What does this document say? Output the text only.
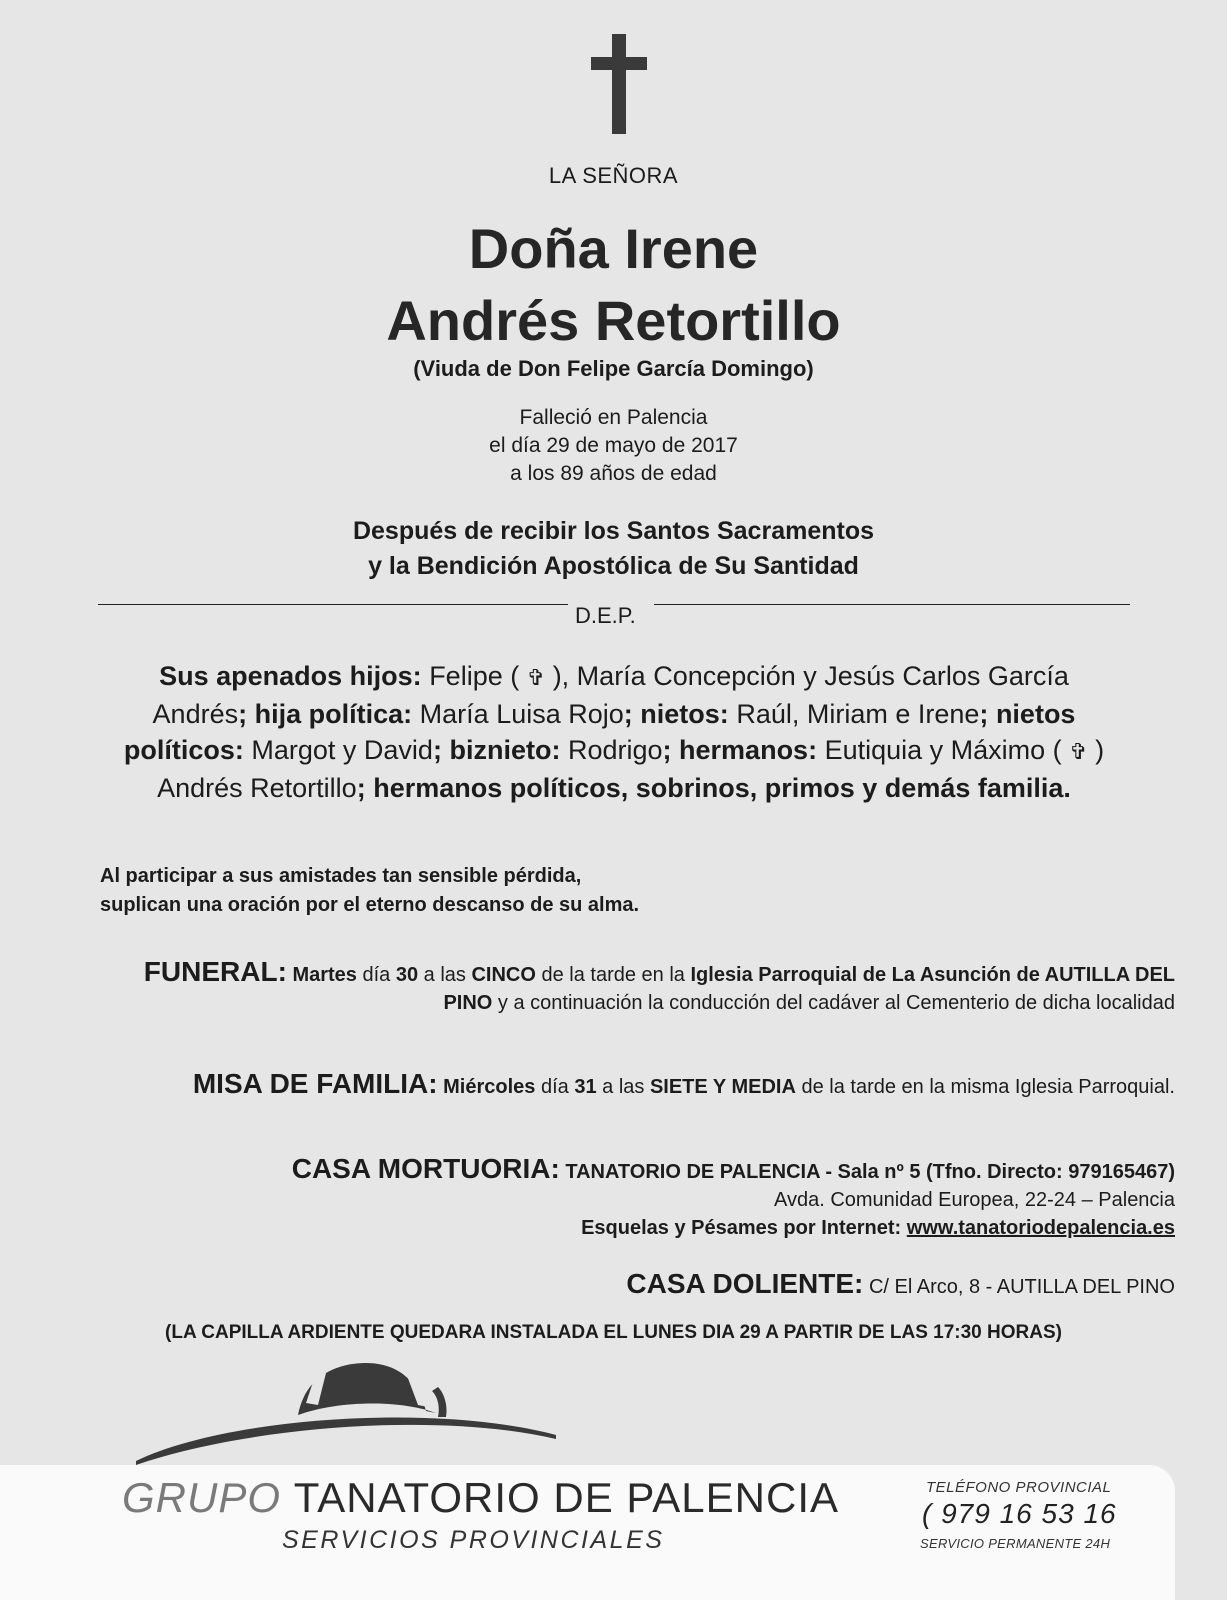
LA SEÑORA
Doña Irene
Andrés Retortillo
(Viuda de Don Felipe García Domingo)
Falleció en Palencia
el día 29 de mayo de 2017
a los 89 años de edad
Después de recibir los Santos Sacramentos
y la Bendición Apostólica de Su Santidad
D.E.P.
Sus apenados hijos: Felipe ( ✞ ), María Concepción y Jesús Carlos García Andrés; hija política: María Luisa Rojo; nietos: Raúl, Miriam e Irene; nietos políticos: Margot y David; biznieto: Rodrigo; hermanos: Eutiquia y Máximo ( ✞ ) Andrés Retortillo; hermanos políticos, sobrinos, primos y demás familia.
Al participar a sus amistades tan sensible pérdida,
suplican una oración por el eterno descanso de su alma.
FUNERAL: Martes día 30 a las CINCO de la tarde en la Iglesia Parroquial de La Asunción de AUTILLA DEL PINO y a continuación la conducción del cadáver al Cementerio de dicha localidad
MISA DE FAMILIA: Miércoles día 31 a las SIETE Y MEDIA de la tarde en la misma Iglesia Parroquial.
CASA MORTUORIA: TANATORIO DE PALENCIA - Sala nº 5 (Tfno. Directo: 979165467)
Avda. Comunidad Europea, 22-24 – Palencia
Esquelas y Pésames por Internet: www.tanatoriodepalencia.es
CASA DOLIENTE: C/ El Arco, 8 - AUTILLA DEL PINO
(LA CAPILLA ARDIENTE QUEDARA INSTALADA EL LUNES DIA 29 A PARTIR DE LAS 17:30 HORAS)
GRUPO TANATORIO DE PALENCIA
SERVICIOS PROVINCIALES
TELÉFONO PROVINCIAL
( 979 16 53 16
SERVICIO PERMANENTE 24H
